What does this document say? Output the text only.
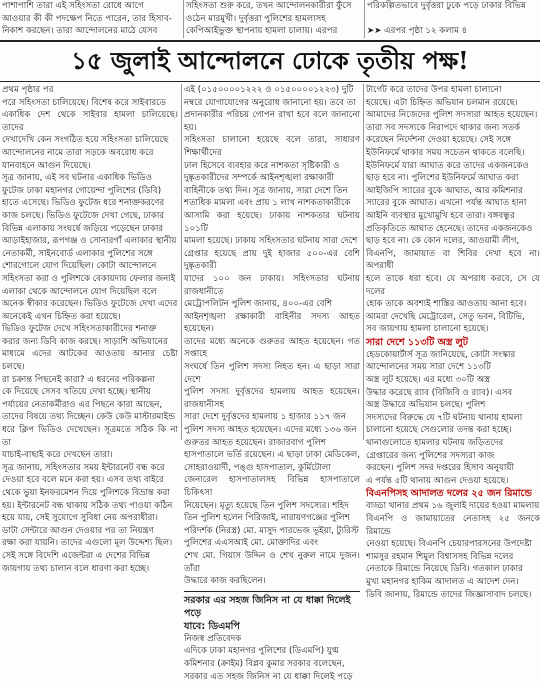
পাশাপাশি তারা এই সহিংসতা রোধে আগে
আওয়ার কী কী পদক্ষেপ নিতে পারেন, তার হিসাব-
নিকাশ করছেন। তারা আন্দোলনের মাঠে যেসব
সহিংসতা শুরু করে, তখন আন্দোলনকারীরা ফুঁসে
ওঠেন মারমুখী। দুর্বৃত্তরা পুলিশের হামলাসহ
কেপিআইভুক্ত স্থাপনায় হামলা চালায়। এরপর
পরিকল্পিতভাবে দুর্বৃত্তরা ঢুকে পড়ে ঢাকার বিভিন্ন

➤➤ এরপর পৃষ্ঠা ১২ কলাম ৪
১৫ জুলাই আন্দোলনে ঢোকে তৃতীয় পক্ষ!
প্রথম পৃষ্ঠার পর
পরে সহিংসতা চালিয়েছে। বিশেষ করে সাইবারডে
একাধিক দেশ থেকে সাইবার হামলা চালিয়েছে। তাদের
দেখাদেখি কেন সংগঠিত হয়ে সহিংসতা চালিয়েছে
আন্দোলনের নামে তারা সড়কে অবরোধ করে
যানবাহনে আগুন দিয়েছে।
সূত্র জানায়, এই সব ঘটনার একাধিক ভিডিও
ফুটেজ ঢাকা মহানগর গোয়েন্দা পুলিশের (ডিবি)
হাতে এসেছে। ভিডিও ফুটেজ ধরে শনাক্তকরণের
কাজ চলছে। ভিডিও ফুটেজে দেখা গেছে, ঢাকার
বিভিন্ন এলাকায় সংঘর্ষে জড়িয়ে পড়েছেন ঢাকার
আড়াইহাজার, রূপগঞ্জ ও সোনারগাঁ এলাকার স্থানীয়
নেতাকর্মী, সাইনবোর্ড এলাকার পুলিশের সঙ্গে
শোরগোলে যোগ দিয়েছিল। কোটা আন্দোলনে
সহিংসতা করা ও পুলিশকে বেকায়দায় ফেলার জন্যই
এলাকা থেকে আন্দোলনে যোগ দিয়েছিল বলে
অনেক স্বীকার করেছেন। ভিডিও ফুটেজে দেখা এদের
অনেকেই এখন চিহ্নিত করা হয়েছে।
ভিডিও ফুটেজ দেখে সহিংসতাকারীদের শনাক্ত
করার জন্য ডিবি কাজ করছে। সাড়াশি অভিযানের
মাধ্যমে এদের আটকের আওতায় আনার চেষ্টা চলছে।
রা চক্রান্ত পিছনেই কারা? এ ধরনের পরিকল্পনা
কে দিয়েছে সেসব খতিয়ে দেখা হচ্ছে। স্থানীয়
পর্যায়ের নেতাকর্মীরাও এর পিছনে কারা আছেন,
তাদের বিষয়ে তথ্য দিচ্ছেন। কেউ কেউ মাস্টারমাইন্ড
ধরে ক্লিপ ভিডিও দেখেছেন। সূত্রমতে সঠিক কি না তা
যাচাই-বাছাই করে দেখছেন তারা।
সূত্র জানায়, সহিংসতার সময় ইন্টারনেট বন্ধ করে
দেওয়া হবে বলে মনে করা হয়। এসব তথ্য বাইরে
থেকে ভুয়া ইনফরমেশন দিয়ে পুলিশকে বিভ্রান্ত করা
হয়। ইন্টারনেট বন্ধ থাকায় সঠিক তথ্য পাওয়া কঠিন
হয়ে যায়, সেই সুযোগে সুবিধা নেয় অপরাধীরা।
ডাটা সেন্টারে আগুন দেওয়ার পর তা নিয়ন্ত্রণ
রক্ষা করা যায়নি। তাদের এগুলো মূল উদ্দেশ্য ছিল।
সেই সঙ্গে বিদেশি এজেন্টরা এ দেশের বিভিন্ন
জায়গায় তথ্য চালান বলে ধারণা করা হচ্ছে।
এই (০১৫০০০০১২২২ ও ০১৫০০০০১২২৩) দুটি
নম্বরে যোগাযোগের অনুরোধ জানানো হয়। তবে তা
প্রদানকারীর পরিচয় গোপন রাখা হবে বলে জানানো হয়।
সহিংসতা চালানো হয়েছে বলে তারা, সাধারণ শিক্ষার্থীদের
ঢাল হিসেবে ব্যবহার করে নাশকতা সৃষ্টিকারী ও
দুষ্কৃতকারীদের সম্পর্কে আইনশৃঙ্খলা রক্ষাকারী
বাহিনীকে তথ্য দিন। সূত্র জানায়, সারা দেশে তিন
শতাধিক মামলা এবং প্রায় ১ লাখ নাশকতাকারীকে
আসামি করা হয়েছে। ঢাকায় নাশকতার ঘটনায় ১০১টি
মামলা হয়েছে। ঢাকায় সহিংসতার ঘটনায় সারা দেশে
গ্রেপ্তার হয়েছে প্রায় দুই হাজার ৫০০-এর বেশি দুষ্কৃতকারী
যাদের ১০০ জন ঢাকায়। সহিংসতার ঘটনায় রাজধানীতে
মেট্রোপলিটন পুলিশ জানায়, ৪০০-এর বেশি
আইনশৃঙ্খলা রক্ষাকারী বাহিনীর সদস্য আহত হয়েছেন।
তাদের মধ্যে অনেকে গুরুতর আহত হয়েছেন। গত সপ্তাহে
সংঘর্ষে তিন পুলিশ সদস্য নিহত হন। এ ছাড়া সারা দেশে
পুলিশ সদস্য দুর্বৃত্তদের হামলায় আহত হয়েছেন। রাজধানীসহ
সারা দেশে দুর্বৃত্তদের হামলায় ১ হাজার ১১৭ জন
পুলিশ সদস্য আহত হয়েছেন। এদের মধ্যে ১৩৬ জন
গুরুতর আহত হয়েছেন। রাজারবাগ পুলিশ
হাসপাতালে ভর্তি রয়েছেন। এ ছাড়া ঢাকা মেডিকেল,
সোহরাওয়ার্দী, পঙ্গু হাসপাতাল, কুর্মিটোলা
জেনারেল হাসপাতালসহ বিভিন্ন হাসপাতালে চিকিৎসা
নিয়েছেন। মৃত্যু হয়েছে তিন পুলিশ সদস্যের। শহিদ
তিন পুলিশ হলেন পিরিজাই, নারায়ণগঞ্জের পুলিশ
পরিদর্শক (নিরস্ত্র) মো. মাসুদ পারভেজ ভূইয়া, ট্যুরিস্ট
পুলিশের এএসআই মো. মোক্তাদির এবং
শেখ মো. গিয়াস উদ্দিন ও শেখ নুরুল নামে দুজন। তাঁরা
উদ্ধারে কাজ করছিলেন।
সরকার এর সহজ জিনিস না যে ধাক্কা দিলেই পড়ে
যাবে: ডিএমপি
নিজস্ব প্রতিবেদক
এদিকে ঢাকা মহানগর পুলিশের (ডিএমপি) যুগ্ম
কমিশনার (ক্রাইম) বিপ্লব কুমার সরকার বলেছেন,
সরকার এত সহজ জিনিস না যে ধাক্কা দিলেই পড়ে
টার্গেট করে তাদের উপর হামলা চালানো
হয়েছে। এটা চিহ্নিত অভিযান চলমান রয়েছে।
আমাদের নিজেদের পুলিশ সদস্যরা আহত হয়েছেন।
তারা সব সদস্যকে নিরাপদে থাকার জন্য সতর্ক
করেছেন নির্দেশনা দেওয়া হয়েছে। সেই সঙ্গে
ইউনিফর্মে থাকার সময় সচেতন থাকতে বলেছি।
ইউনিফর্মে যারা আঘাত করে তাদের একজনকেও
ছাড় হবে না। পুলিশের ইউনিফর্মে আঘাত করা
আইজিপি স্যারের বুকে আঘাত, আর কমিশনার
স্যারের বুকে আঘাত। এখনো পর্যন্ত আঘাত হানা
আইনি ব্যবস্থার মুখোমুখি হবে তারা। বঙ্গবন্ধুর
প্রতিকৃতিতে আঘাত হেনেছে। তাদের একজনকেও
ছাড় হবে না। কে কোন দলের, আওয়ামী লীগ,
বিএনপি, জামায়াত বা শিবির দেখা হবে না। অপরাধী
হলে তাকে ধরা হবে। যে অপরাধ করবে, সে যে দলের
হোক তাকে অবশ্যই শাস্তির আওতায় আনা হবে।
আমরা দেখেছি মেট্রোরেল, সেতু ভবন, বিটিভি,
সব জায়গায় হামলা চালানো হয়েছে।
সারা দেশে ১১৩টি অস্ত্র লুট
হেডকোয়ার্টার্স সূত্র জানিয়েছে, কোটা সংস্কার
আন্দোলনের সময় সারা দেশে ১১৩টি
অস্ত্র লুট হয়েছে। এর মধ্যে ৩০টি অস্ত্র
উদ্ধার করেছে র‍্যাব (বিজিবি ও র‍্যাব)। এসব
অস্ত্র উদ্ধারে অভিযান চলছে। পুলিশ
সদস্যদের বিরুদ্ধে যে ৭টি ঘটনায় থানায় হামলা
চালানো হয়েছে সেগুলোর তদন্ত করা হচ্ছে।
থানাগুলোতে হামলার ঘটনায় জড়িতদের
গ্রেপ্তারের জন্য পুলিশের সদস্যরা কাজ
করছেন। পুলিশ সদর দপ্তরের হিসাব অনুযায়ী
এ পর্যন্ত ৫টি থানায় আগুন দেওয়া হয়েছে।
বিএনপিসহ আদালত দলের ২৫ জন রিমান্ডে
বাড্ডা থানার প্রথম ১৬ জুলাই দায়ের হওয়া মামলায়
বিএনপি ও জামায়াতের নেতাসহ ২৫ জনকে রিমান্ডে
নেওয়া হয়েছে। বিএনপি চেয়ারপারসনের উপদেষ্টা
শামসুর রহমান শিমুল বিশ্বাসসহ বিভিন্ন দলের
নেতাকে রিমান্ডে নিয়েছে ডিবি। গতকাল ঢাকার
মুখ্য মহানগর হাকিম আদালত এ আদেশ দেন।
ডিবি জানায়, রিমান্ডে তাদের জিজ্ঞাসাবাদ চলছে।
